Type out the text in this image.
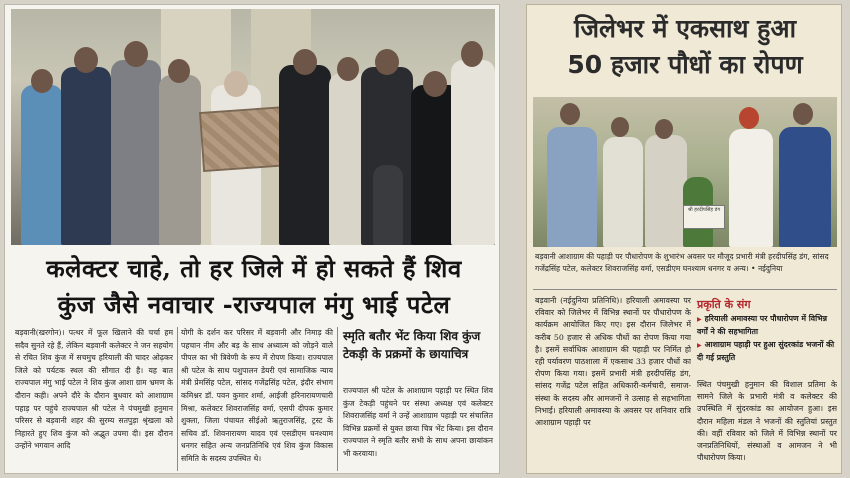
कलेक्टर चाहे, तो हर जिले में हो सकते हैं शिव
कुंज जैसे नवाचार -राज्यपाल मंगु भाई पटेल
बड़वानी(खरगोन)। पत्थर में फूल खिलाने की चर्चा हम सदैव सुनते रहे हैं, लेकिन बड़वानी कलेक्टर ने जन सहयोग से रचित शिव कुंज में सचमुच हरियाली की चादर ओढ़कर जिले को पर्यटक स्थल की सौगात दी है। यह बात राज्यपाल मंगु भाई पटेल ने शिव कुंज आशा ग्राम भ्रमण के दौरान कही। अपने दौरे के दौरान बुधवार को आशाग्राम पहाड़ पर पहुंचे राज्यपाल श्री पटेल ने पंचमुखी हनुमान परिसर से बड़वानी शहर की सुरम्य सतपुड़ा श्रृंखला को निहारते हुए शिव कुंज को अद्भुत उपमा दी। इस दौरान उन्होंने भगवान आदि
योगी के दर्शन कर परिसर में बड़वानी और निमाड़ की पहचान नीम और बड़ के साथ अध्यात्म को जोड़ने वाले पीपल का भी त्रिवेणी के रूप में रोपण किया। राज्यपाल श्री पटेल के साथ पशुपालन डेयरी एवं सामाजिक न्याय मंत्री प्रेमसिंह पटेल, सांसद गजेंद्रसिंह पटेल, इंदौर संभाग कमिश्नर डॉ. पवन कुमार शर्मा, आईजी हरिनारायणचारी मिश्रा, कलेक्टर शिवराजसिंह वर्मा, एसपी दीपक कुमार शुक्ला, जिला पंचायत सीईओ ऋतुराजसिंह, ट्रस्ट के सचिव डॉ. शिवनारायण यादव एवं एसडीएम घनश्याम धनगर सहित अन्य जनप्रतिनिधि एवं शिव कुंज विकास समिति के सदस्य उपस्थित थे।
स्मृति बतौर भेंट किया शिव कुंज टेकड़ी के प्रक्रमों के छायाचित्र
राज्यपाल श्री पटेल के आशाग्राम पहाड़ी पर स्थित शिव कुंज टेकड़ी पहुंचने पर संस्था अध्यक्ष एवं कलेक्टर शिवराजसिंह वर्मा ने उन्हें आशाग्राम पहाड़ी पर संचालित विभिन्न प्रक्रमों से युक्त छाया चित्र भेंट किया। इस दौरान राज्यपाल ने स्मृति बतौर सभी के साथ अपना छायांकन भी करवाया।
जिलेभर में एकसाथ हुआ
50 हजार पौधों का रोपण
श्री हरदीपसिंह डंग
बड़वानी आशाग्राम की पहाड़ी पर पौधारोपण के शुभारंभ अवसर पर मौजूद प्रभारी मंत्री हरदीपसिंह डंग, सांसद गजेंद्रसिंह पटेल, कलेक्टर शिवराजसिंह वर्मा, एसडीएम घनश्याम धनगर व अन्य। • नईदुनिया
बड़वानी (नईदुनिया प्रतिनिधि)। हरियाली अमावस्या पर रविवार को जिलेभर में विभिन्न स्थानों पर पौधारोपण के कार्यक्रम आयोजित किए गए। इस दौरान जिलेभर में करीब 50 हजार से अधिक पौधों का रोपण किया गया है। इसमें सर्वाधिक आशाग्राम की पहाड़ी पर निर्मित हो रही पर्यावरण पाठशाला में एकसाथ 33 हजार पौधों का रोपण किया गया। इसमें प्रभारी मंत्री हरदीपसिंह डंग, सांसद गजेंद्र पटेल सहित अधिकारी-कर्मचारी, समाज-संस्था के सदस्य और आमजनों ने उत्साह से सहभागिता निभाई। हरियाली अमावस्या के अवसर पर शनिवार रात्रि आशाग्राम पहाड़ी पर
प्रकृति के संग
▶ हरियाली अमावस्या पर पौधारोपण में विभिन्न वर्गों ने की सहभागिता
▶ आशाग्राम पहाड़ी पर हुआ सुंदरकांड भजनों की दी गई प्रस्तुति
स्थित पंचमुखी हनुमान की विशाल प्रतिमा के सामने जिले के प्रभारी मंत्री व कलेक्टर की उपस्थिति में सुंदरकांड का आयोजन हुआ। इस दौरान महिला मंडल ने भजनों की स्तुतियां प्रस्तुत की। वहीं रविवार को जिले में विभिन्न स्थानों पर जनप्रतिनिधियों, संस्थाओं व आमजन ने भी पौधारोपण किया।
